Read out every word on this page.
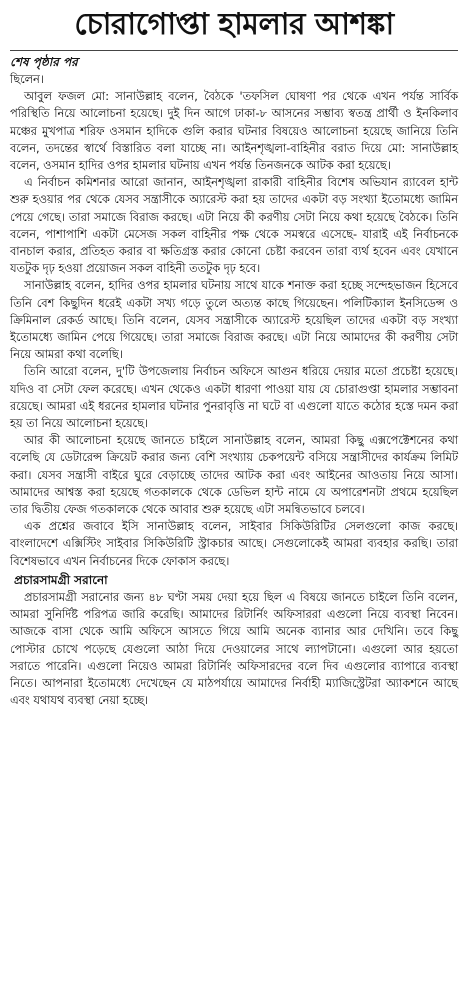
চোরাগোপ্তা হামলার আশঙ্কা
শেষ পৃষ্ঠার পর

ছিলেন।

আবুল ফজল মো: সানাউল্লাহ বলেন, বৈঠকে 'তফসিল ঘোষণা পর থেকে এখন পর্যন্ত সার্বিক পরিস্থিতি নিয়ে আলোচনা হয়েছে। দুই দিন আগে ঢাকা-৮ আসনের সম্ভাব্য স্বতন্ত্র প্রার্থী ও ইনকিলাব মঞ্চের মুখপাত্র শরিফ ওসমান হাদিকে গুলি করার ঘটনার বিষয়েও আলোচনা হয়েছে জানিয়ে তিনি বলেন, তদন্তের স্বার্থে বিস্তারিত বলা যাচ্ছে না। আইনশৃঙ্খলা-বাহিনীর বরাত দিয়ে মো: সানাউল্লাহ বলেন, ওসমান হাদির ওপর হামলার ঘটনায় এখন পর্যন্ত তিনজনকে আটক করা হয়েছে।

এ নির্বাচন কমিশনার আরো জানান, আইনশৃঙ্খলা রাকারী বাহিনীর বিশেষ অভিযান র‍্যাবেল হান্ট শুরু হওয়ার পর থেকে যেসব সন্ত্রাসীকে অ্যারেস্ট করা হয় তাদের একটা বড় সংখ্যা ইতোমধ্যে জামিন পেয়ে গেছে। তারা সমাজে বিরাজ করছে। এটা নিয়ে কী করণীয় সেটা নিয়ে কথা হয়েছে বৈঠকে। তিনি বলেন, পাশাপাশি একটা মেসেজ সকল বাহিনীর পক্ষ থেকে সমস্বরে এসেছে- যারাই এই নির্বাচনকে বানচাল করার, প্রতিহত করার বা ক্ষতিগ্রস্ত করার কোনো চেষ্টা করবেন তারা ব্যর্থ হবেন এবং যেখানে যতটুক দৃঢ় হওয়া প্রয়োজন সকল বাহিনী ততটুক দৃঢ় হবে।

সানাউল্লাহ বলেন, হাদির ওপর হামলার ঘটনায় সাথে যাকে শনাক্ত করা হচ্ছে সন্দেহভাজন হিসেবে তিনি বেশ কিছুদিন ধরেই একটা সখ্য গড়ে তুলে অত্যন্ত কাছে গিয়েছেন। পলিটিক্যাল ইনসিডেন্স ও ক্রিমিনাল রেকর্ড আছে। তিনি বলেন, যেসব সন্ত্রাসীকে অ্যারেস্ট হয়েছিল তাদের একটা বড় সংখ্যা ইতোমধ্যে জামিন পেয়ে গিয়েছে। তারা সমাজে বিরাজ করছে। এটা নিয়ে আমাদের কী করণীয় সেটা নিয়ে আমরা কথা বলেছি।

তিনি আরো বলেন, দু'টি উপজেলায় নির্বাচন অফিসে আগুন ধরিয়ে দেয়ার মতো প্রচেষ্টা হয়েছে। যদিও বা সেটা ফেল করেছে। এখন থেকেও একটা ধারণা পাওয়া যায় যে চোরাগুপ্তা হামলার সম্ভাবনা রয়েছে। আমরা এই ধরনের হামলার ঘটনার পুনরাবৃত্তি না ঘটে বা এগুলো যাতে কঠোর হস্তে দমন করা হয় তা নিয়ে আলোচনা হয়েছে।

আর কী আলোচনা হয়েছে জানতে চাইলে সানাউল্লাহ বলেন, আমরা কিছু এক্সপেক্টেশনের কথা বলেছি যে ডেটারেন্স ক্রিয়েট করার জন্য বেশি সংখ্যায় চেকপয়েন্ট বসিয়ে সন্ত্রাসীদের কার্যক্রম লিমিট করা। যেসব সন্ত্রাসী বাইরে ঘুরে বেড়াচ্ছে তাদের আটক করা এবং আইনের আওতায় নিয়ে আসা। আমাদের আশ্বস্ত করা হয়েছে গতকালকে থেকে ডেভিল হান্ট নামে যে অপারেশনটা প্রথমে হয়েছিল তার দ্বিতীয় ফেজ গতকালকে থেকে আবার শুরু হয়েছে এটা সমন্বিতভাবে চলবে।

এক প্রশ্নের জবাবে ইসি সানাউল্লাহ বলেন, সাইবার সিকিউরিটির সেলগুলো কাজ করছে। বাংলাদেশে এক্সিস্টিং সাইবার সিকিউরিটি স্ট্রাকচার আছে। সেগুলোকেই আমরা ব্যবহার করছি। তারা বিশেষভাবে এখন নির্বাচনের দিকে ফোকাস করছে।

প্রচারসামগ্রী সরানো

প্রচারসামগ্রী সরানোর জন্য ৪৮ ঘণ্টা সময় দেয়া হয়ে ছিল এ বিষয়ে জানতে চাইলে তিনি বলেন, আমরা সুনির্দিষ্ট পরিপত্র জারি করেছি। আমাদের রিটার্নিং অফিসাররা এগুলো নিয়ে ব্যবস্থা নিবেন। আজকে বাসা থেকে আমি অফিসে আসতে গিয়ে আমি অনেক ব্যানার আর দেখিনি। তবে কিছু পোস্টার চোখে পড়েছে যেগুলো আঠা দিয়ে দেওয়ালের সাথে ল্যাপটানো। এগুলো আর হয়তো সরাতে পারেনি। এগুলো নিয়েও আমরা রিটার্নিং অফিসারদের বলে দিব এগুলোর ব্যাপারে ব্যবস্থা নিতে। আপনারা ইতোমধ্যে দেখেছেন যে মাঠপর্যায়ে আমাদের নির্বাহী ম্যাজিস্ট্রেটরা অ্যাকশনে আছে এবং যথাযথ ব্যবস্থা নেয়া হচ্ছে।
